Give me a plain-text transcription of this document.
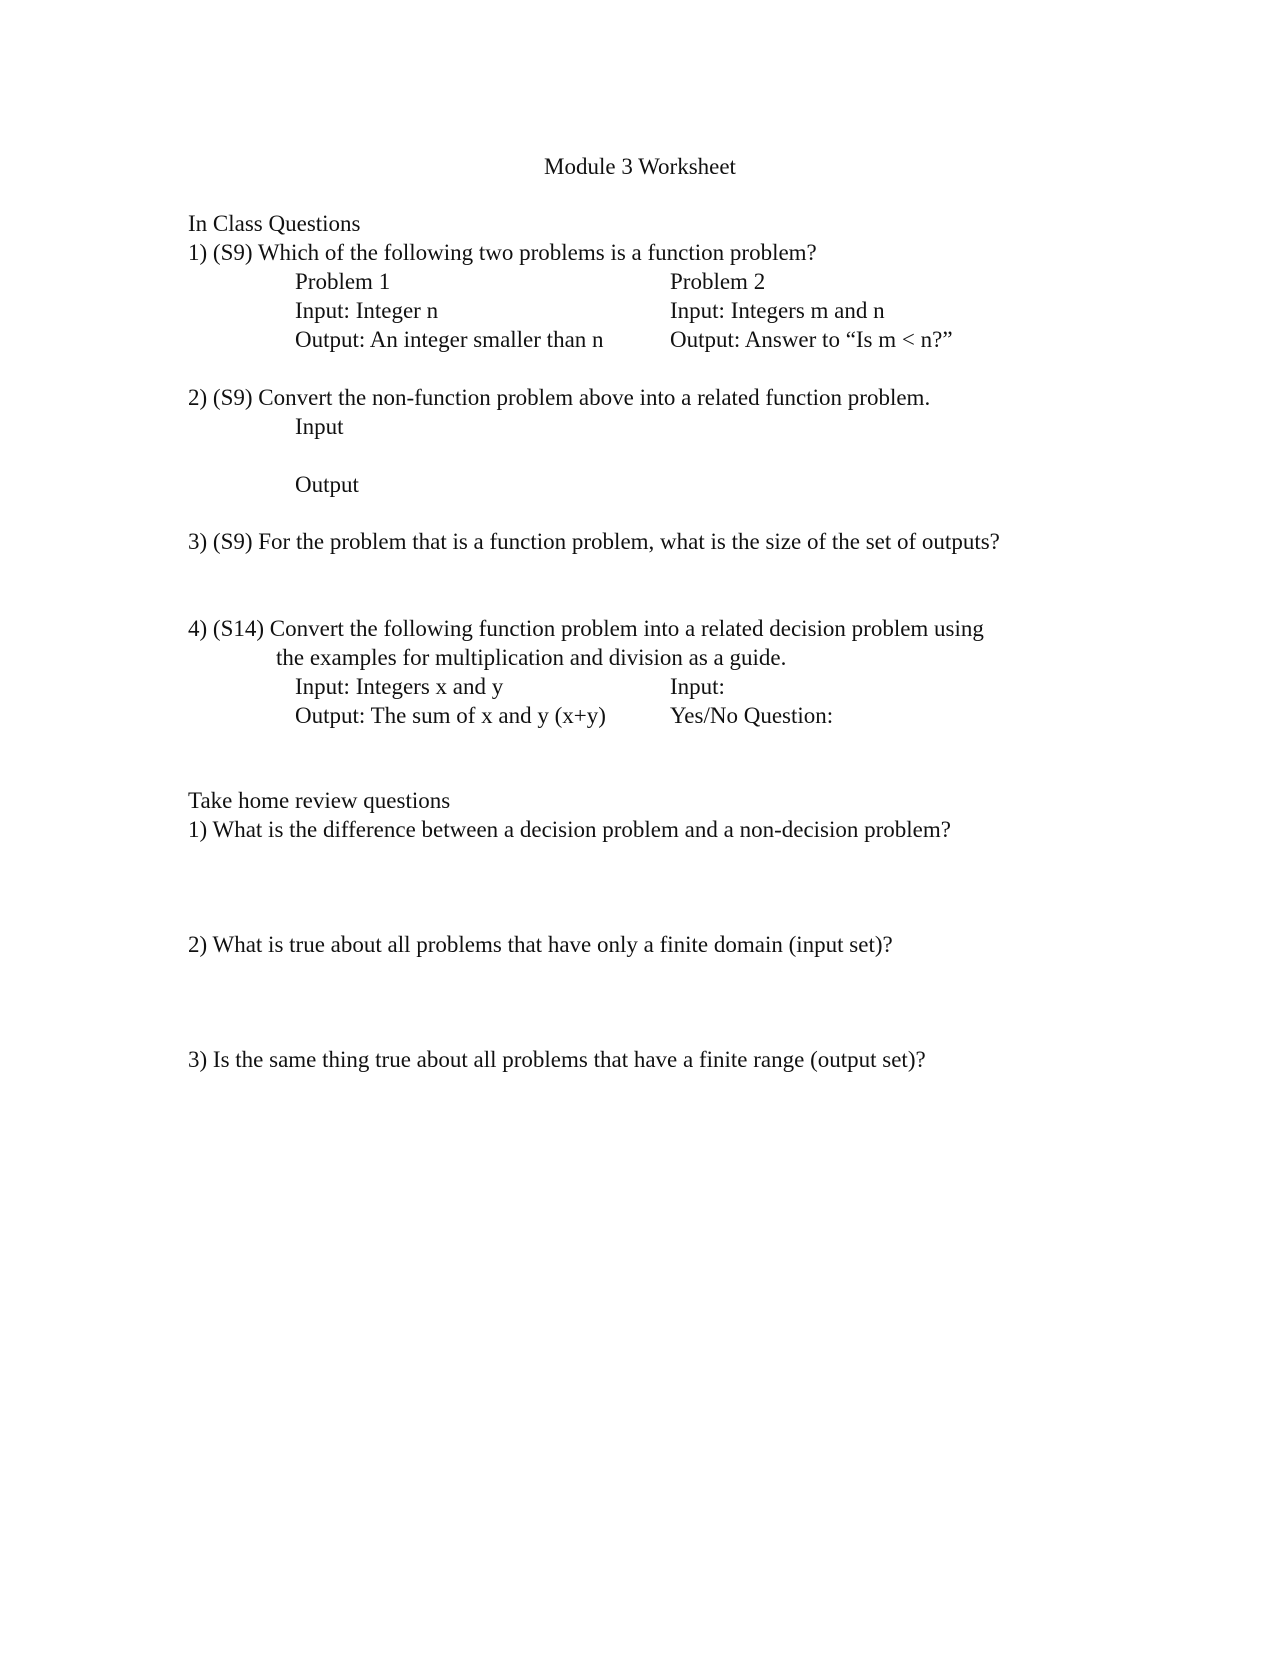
Module 3 Worksheet
In Class Questions
1) (S9) Which of the following two problems is a function problem?
Problem 1	Problem 2
Input: Integer n	Input: Integers m and n
Output: An integer smaller than n	Output: Answer to “Is m < n?”
2) (S9) Convert the non-function problem above into a related function problem.
Input
Output
3) (S9) For the problem that is a function problem, what is the size of the set of outputs?
4) (S14) Convert the following function problem into a related decision problem using
the examples for multiplication and division as a guide.
Input: Integers x and y	Input:
Output: The sum of x and y (x+y)	Yes/No Question:
Take home review questions
1) What is the difference between a decision problem and a non-decision problem?
2) What is true about all problems that have only a finite domain (input set)?
3) Is the same thing true about all problems that have a finite range (output set)?
